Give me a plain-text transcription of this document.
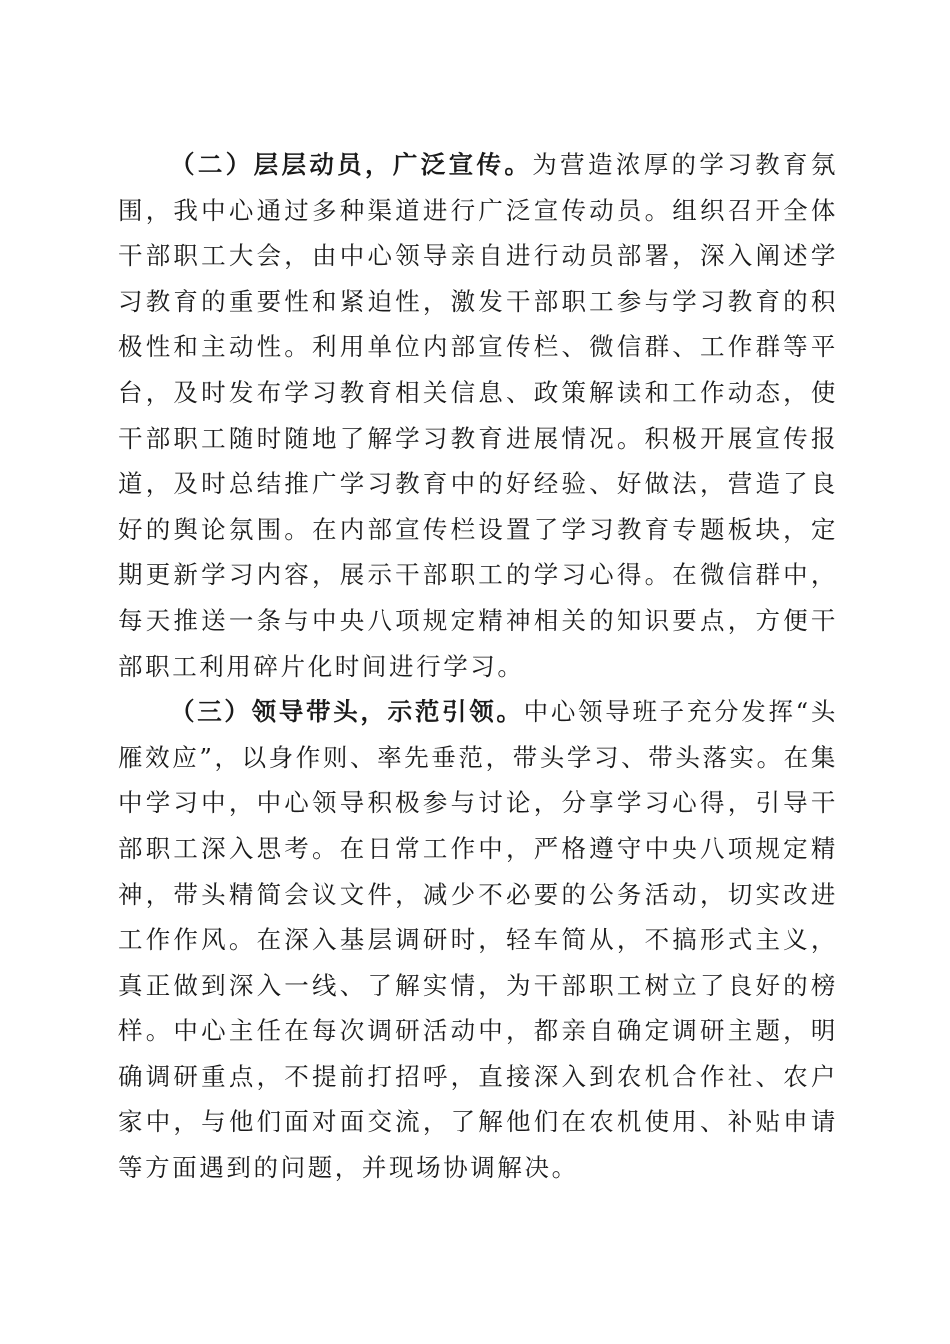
（二）层层动员，广泛宣传。为营造浓厚的学习教育氛围，我中心通过多种渠道进行广泛宣传动员。组织召开全体干部职工大会，由中心领导亲自进行动员部署，深入阐述学习教育的重要性和紧迫性，激发干部职工参与学习教育的积极性和主动性。利用单位内部宣传栏、微信群、工作群等平台，及时发布学习教育相关信息、政策解读和工作动态，使干部职工随时随地了解学习教育进展情况。积极开展宣传报道，及时总结推广学习教育中的好经验、好做法，营造了良好的舆论氛围。在内部宣传栏设置了学习教育专题板块，定期更新学习内容，展示干部职工的学习心得。在微信群中，每天推送一条与中央八项规定精神相关的知识要点，方便干部职工利用碎片化时间进行学习。

（三）领导带头，示范引领。中心领导班子充分发挥“头雁效应”，以身作则、率先垂范，带头学习、带头落实。在集中学习中，中心领导积极参与讨论，分享学习心得，引导干部职工深入思考。在日常工作中，严格遵守中央八项规定精神，带头精简会议文件，减少不必要的公务活动，切实改进工作作风。在深入基层调研时，轻车简从，不搞形式主义，真正做到深入一线、了解实情，为干部职工树立了良好的榜样。中心主任在每次调研活动中，都亲自确定调研主题，明确调研重点，不提前打招呼，直接深入到农机合作社、农户家中，与他们面对面交流，了解他们在农机使用、补贴申请等方面遇到的问题，并现场协调解决。
